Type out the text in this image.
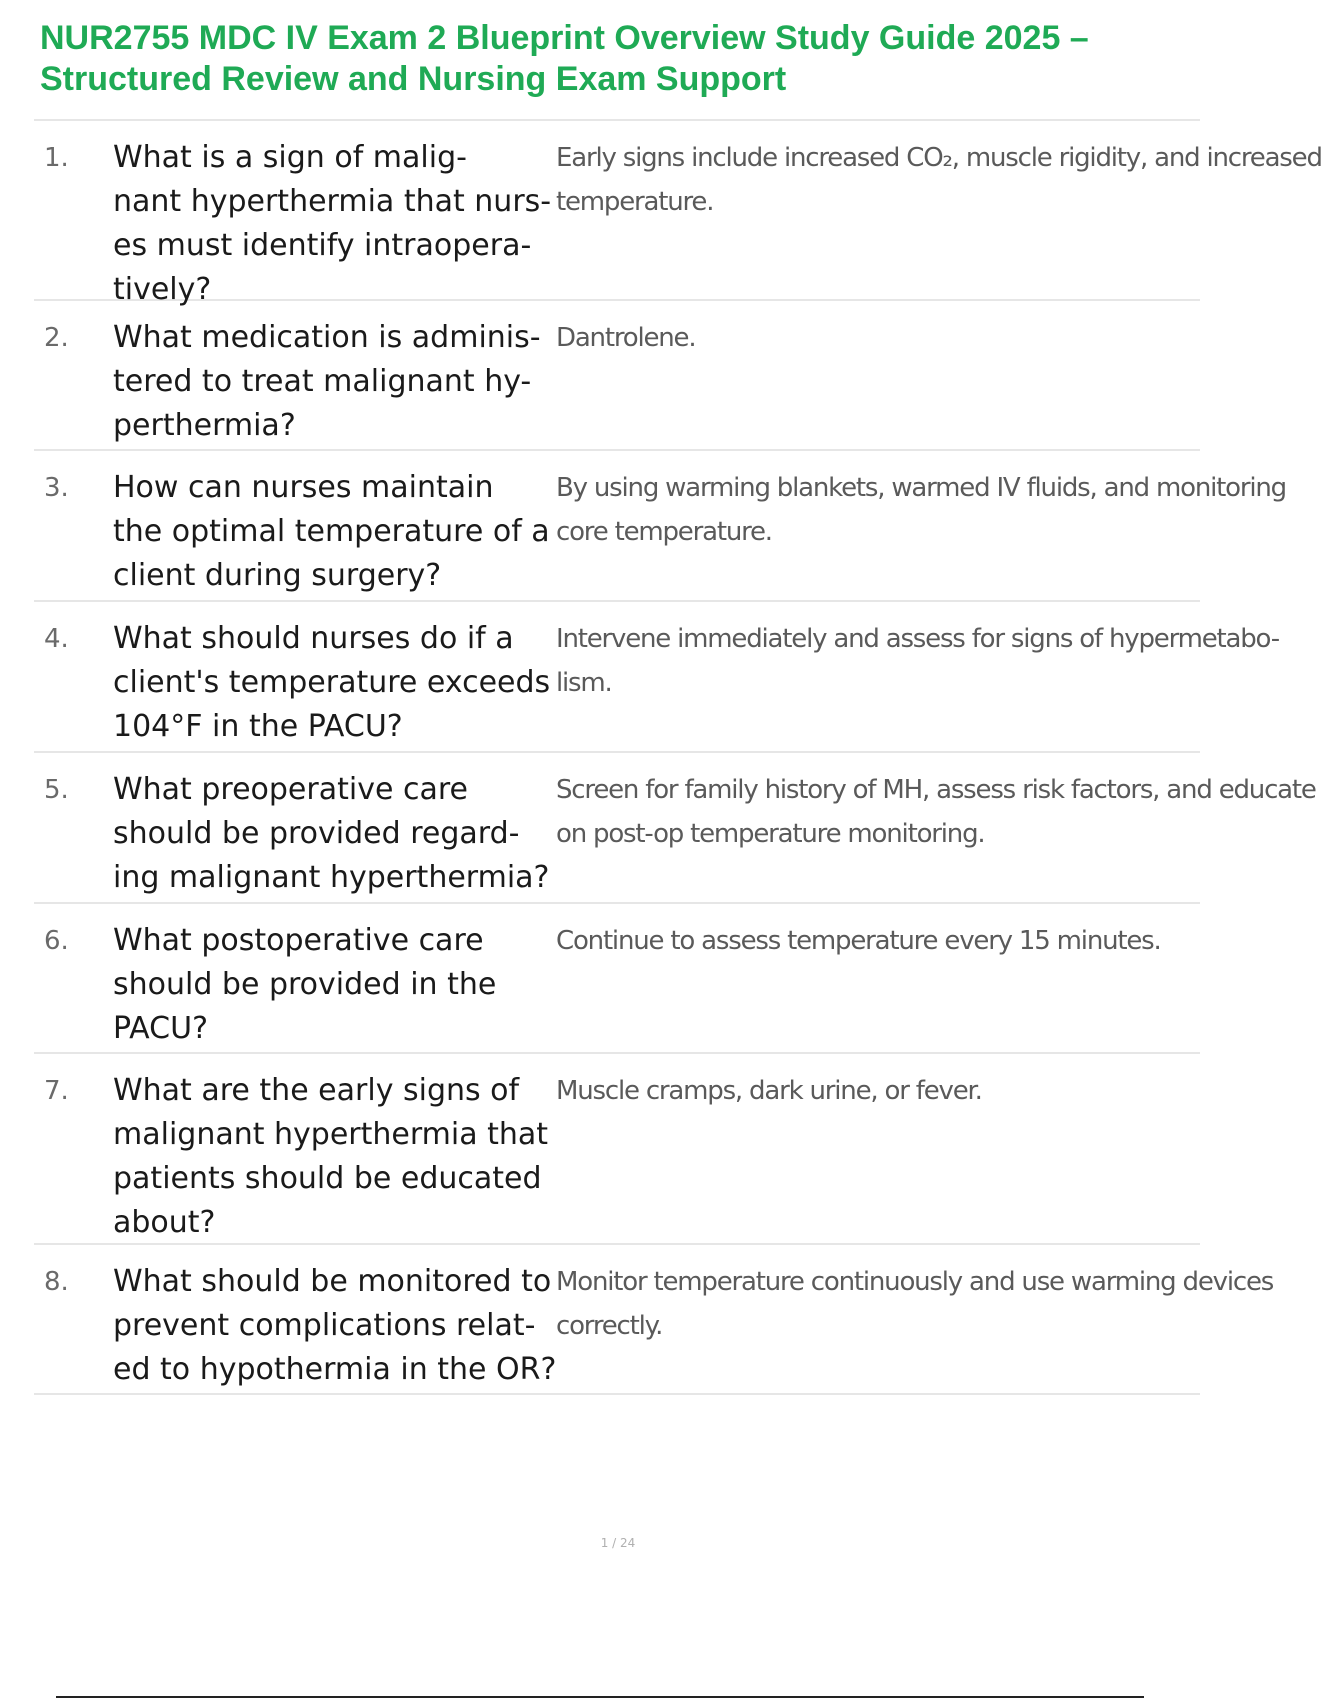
NUR2755 MDC IV Exam 2 Blueprint Overview Study Guide 2025 –
Structured Review and Nursing Exam Support
1. What is a sign of malig-
nant hyperthermia that nurs-
es must identify intraopera-
tively?
Early signs include increased CO₂, muscle rigidity, and increased
temperature.
2. What medication is adminis-
tered to treat malignant hy-
perthermia?
Dantrolene.
3. How can nurses maintain
the optimal temperature of a
client during surgery?
By using warming blankets, warmed IV fluids, and monitoring
core temperature.
4. What should nurses do if a
client's temperature exceeds
104°F in the PACU?
Intervene immediately and assess for signs of hypermetabo-
lism.
5. What preoperative care
should be provided regard-
ing malignant hyperthermia?
Screen for family history of MH, assess risk factors, and educate
on post-op temperature monitoring.
6. What postoperative care
should be provided in the
PACU?
Continue to assess temperature every 15 minutes.
7. What are the early signs of
malignant hyperthermia that
patients should be educated
about?
Muscle cramps, dark urine, or fever.
8. What should be monitored to
prevent complications relat-
ed to hypothermia in the OR?
Monitor temperature continuously and use warming devices
correctly.
1 / 24
